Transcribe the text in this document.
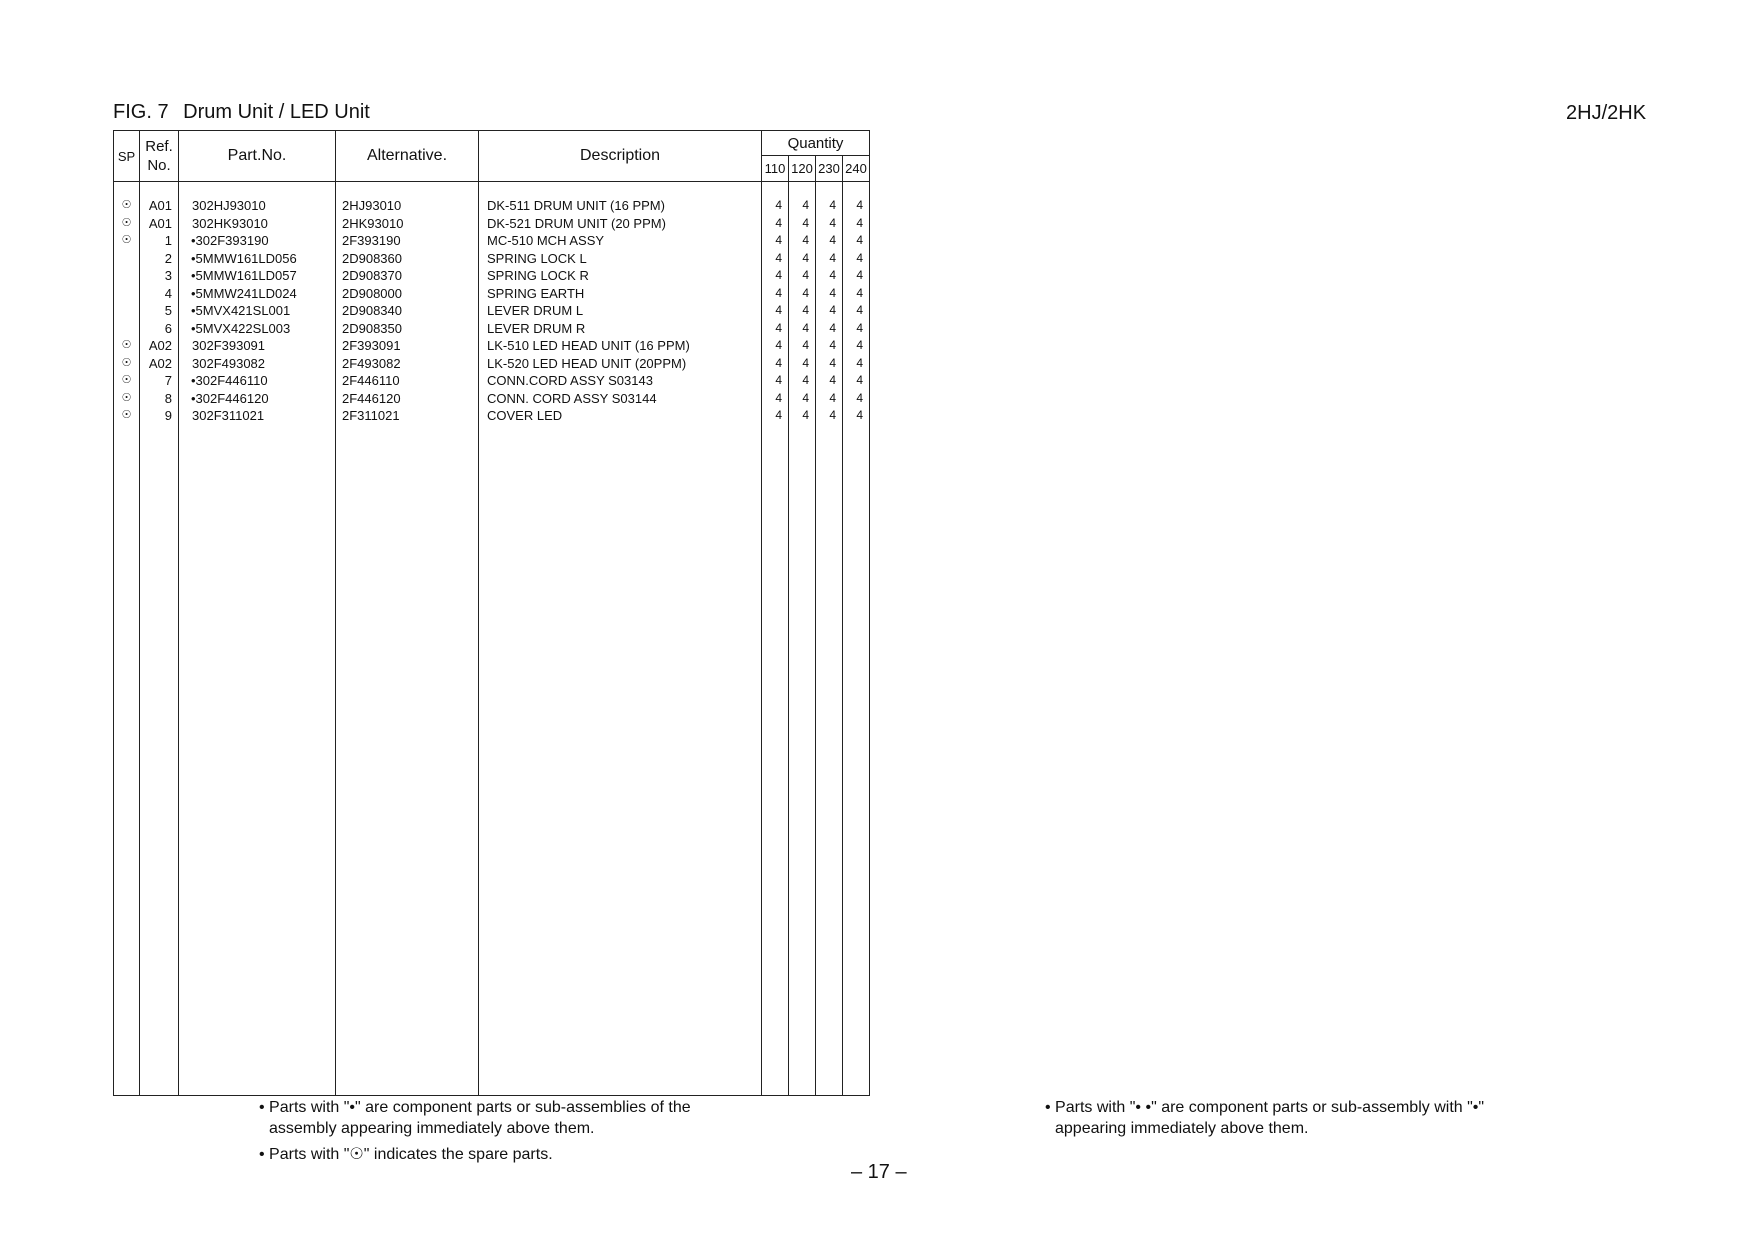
FIG. 7 Drum Unit / LED Unit	2HJ/2HK
SP	Ref. No.	Part.No.	Alternative.	Description	Quantity			
					110	120	230	240

☉	A01	302HJ93010	2HJ93010	DK-511 DRUM UNIT (16 PPM)	4	4	4	4
☉	A01	302HK93010	2HK93010	DK-521 DRUM UNIT (20 PPM)	4	4	4	4
☉	1	•302F393190	2F393190	MC-510 MCH ASSY	4	4	4	4
	2	•5MMW161LD056	2D908360	SPRING LOCK L	4	4	4	4
	3	•5MMW161LD057	2D908370	SPRING LOCK R	4	4	4	4
	4	•5MMW241LD024	2D908000	SPRING EARTH	4	4	4	4
	5	•5MVX421SL001	2D908340	LEVER DRUM L	4	4	4	4
	6	•5MVX422SL003	2D908350	LEVER DRUM R	4	4	4	4
☉	A02	302F393091	2F393091	LK-510 LED HEAD UNIT (16 PPM)	4	4	4	4
☉	A02	302F493082	2F493082	LK-520 LED HEAD UNIT (20PPM)	4	4	4	4
☉	7	•302F446110	2F446110	CONN.CORD ASSY S03143	4	4	4	4
☉	8	•302F446120	2F446120	CONN. CORD ASSY S03144	4	4	4	4
☉	9	302F311021	2F311021	COVER LED	4	4	4	4

• Parts with "•" are component parts or sub-assemblies of the
assembly appearing immediately above them.
• Parts with "☉" indicates the spare parts.
• Parts with "• •" are component parts or sub-assembly with "•"
appearing immediately above them.
– 17 –
